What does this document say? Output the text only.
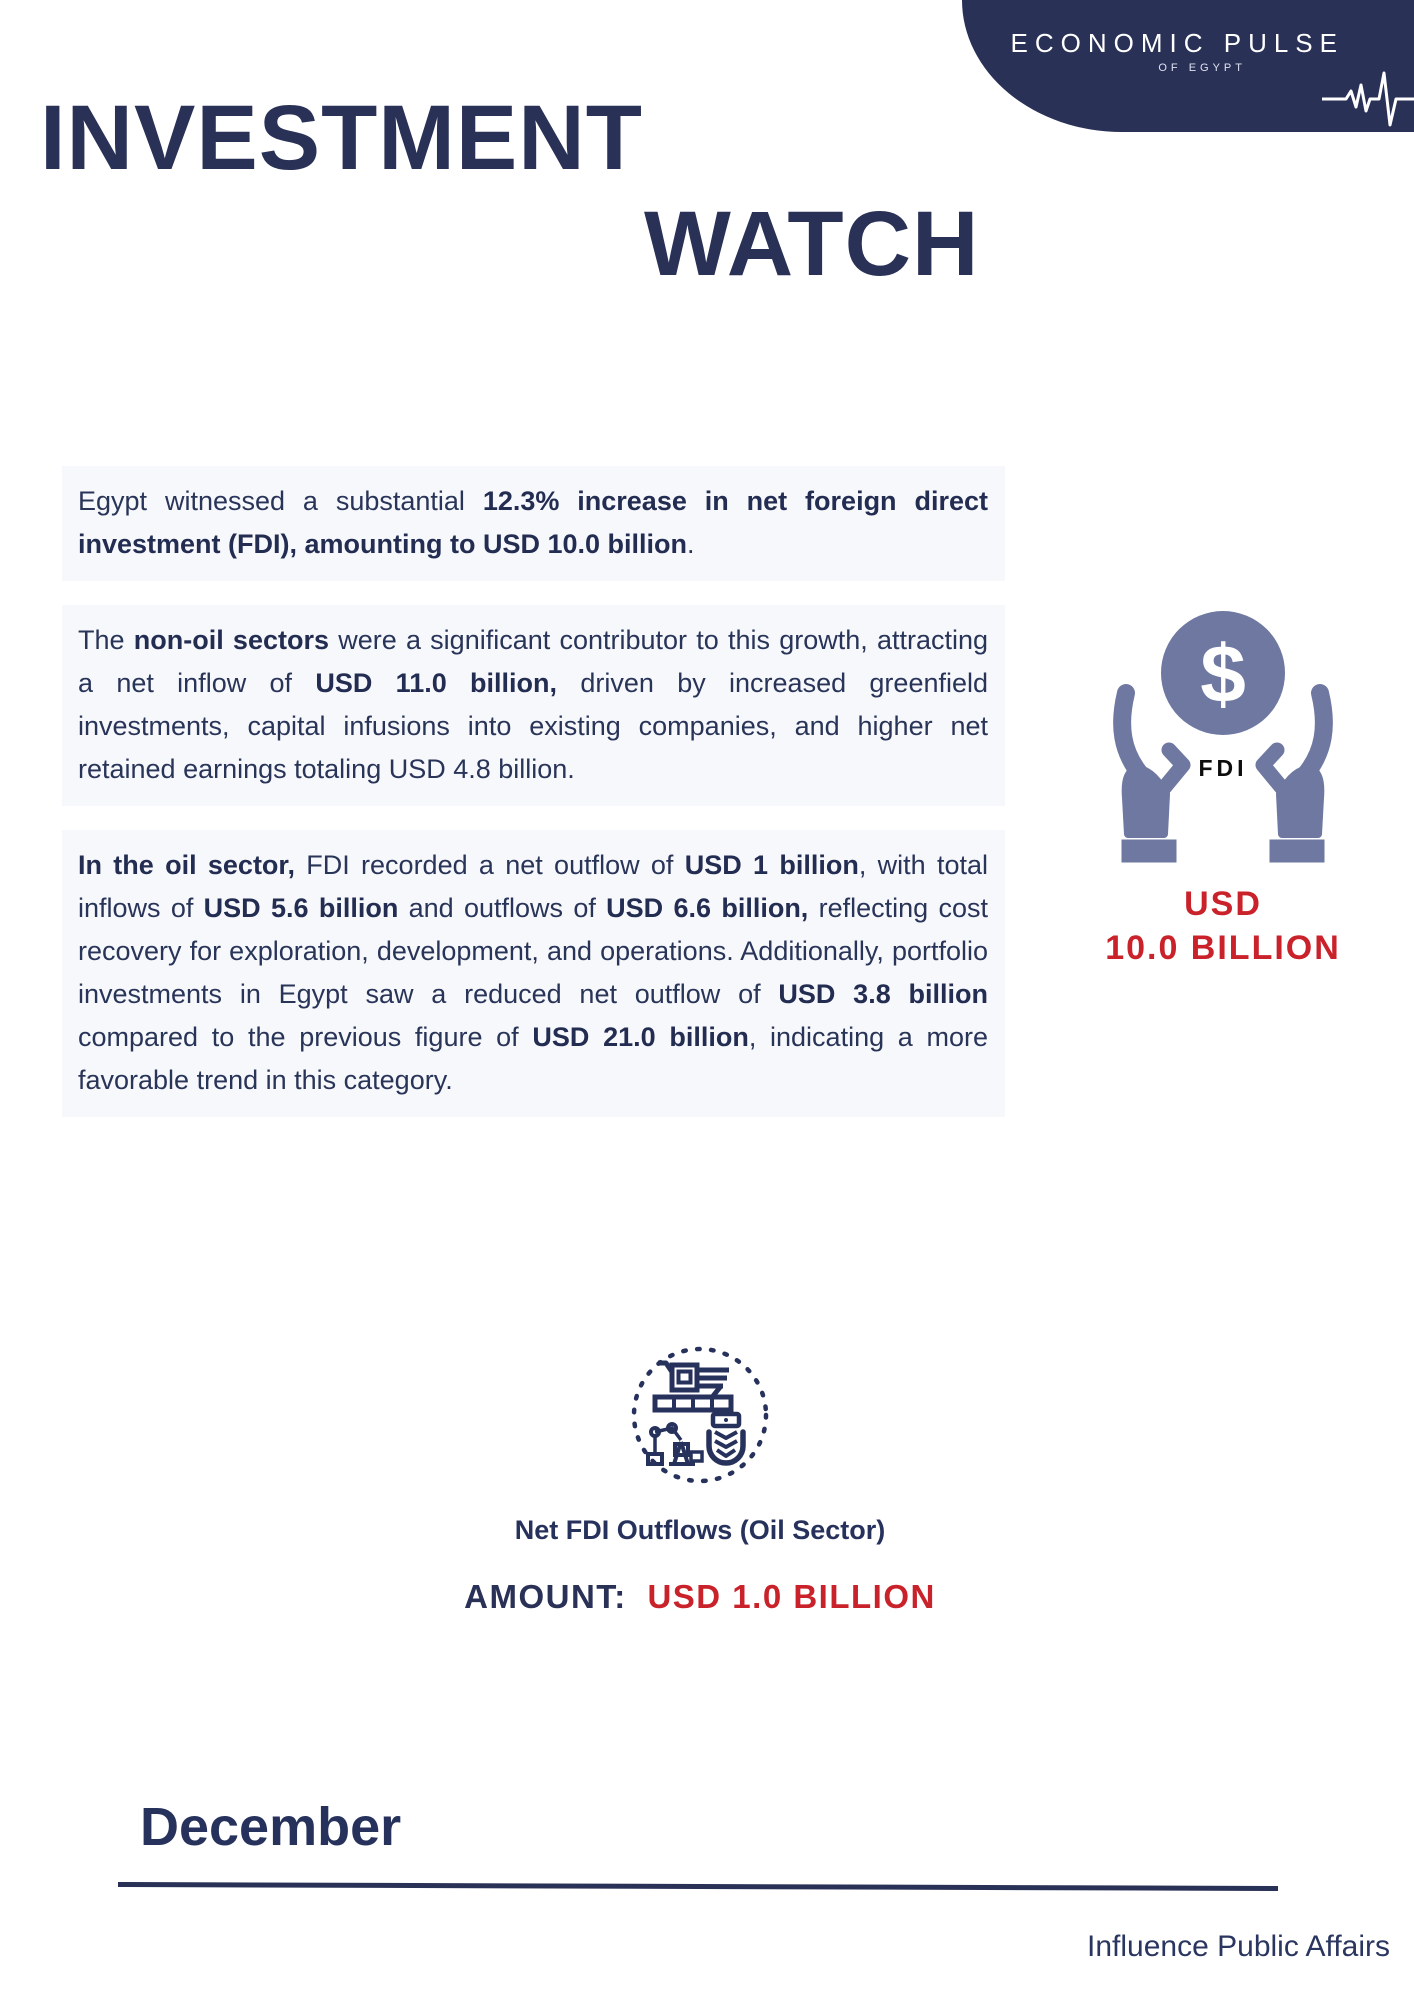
ECONOMIC PULSE
OF EGYPT
INVESTMENT
WATCH

Egypt witnessed a substantial 12.3% increase in net foreign direct investment (FDI), amounting to USD 10.0 billion.

The non-oil sectors were a significant contributor to this growth, attracting a net inflow of USD 11.0 billion, driven by increased greenfield investments, capital infusions into existing companies, and higher net retained earnings totaling USD 4.8 billion.

In the oil sector, FDI recorded a net outflow of USD 1 billion, with total inflows of USD 5.6 billion and outflows of USD 6.6 billion, reflecting cost recovery for exploration, development, and operations. Additionally, portfolio investments in Egypt saw a reduced net outflow of USD 3.8 billion compared to the previous figure of USD 21.0 billion, indicating a more favorable trend in this category.

$
FDI
USD
10.0 BILLION
Net FDI Outflows (Oil Sector)
AMOUNT: USD 1.0 BILLION
December
Influence Public Affairs
